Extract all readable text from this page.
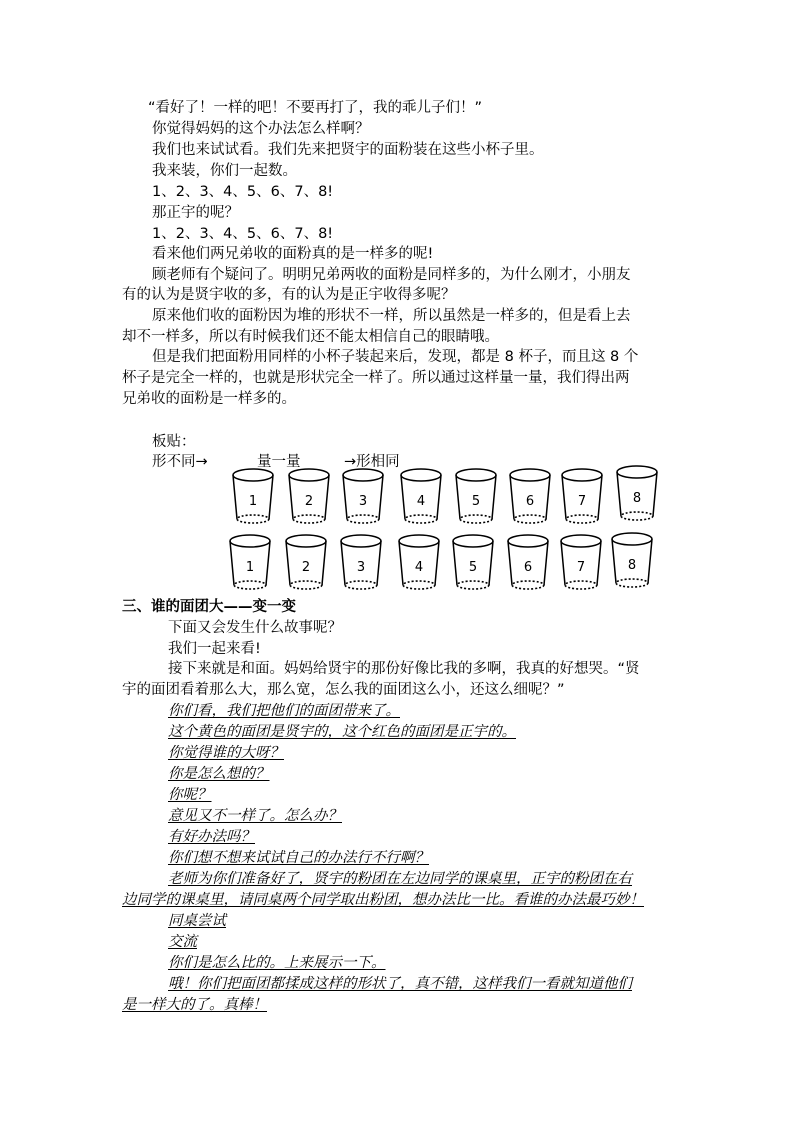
“看好了！一样的吧！不要再打了，我的乖儿子们！”
你觉得妈妈的这个办法怎么样啊？
我们也来试试看。我们先来把贤宇的面粉装在这些小杯子里。
我来装，你们一起数。
1、2、3、4、5、6、7、8!
那正宇的呢？
1、2、3、4、5、6、7、8!
看来他们两兄弟收的面粉真的是一样多的呢!
顾老师有个疑问了。明明兄弟两收的面粉是同样多的，为什么刚才，小朋友
有的认为是贤宇收的多，有的认为是正宇收得多呢？
原来他们收的面粉因为堆的形状不一样，所以虽然是一样多的，但是看上去
却不一样多，所以有时候我们还不能太相信自己的眼睛哦。
但是我们把面粉用同样的小杯子装起来后，发现，都是 8 杯子，而且这 8 个
杯子是完全一样的，也就是形状完全一样了。所以通过这样量一量，我们得出两
兄弟收的面粉是一样多的。
板贴：
形不同→	量一量	→形相同
1	2	3	4	5	6	7	8
1	2	3	4	5	6	7	8
三、谁的面团大——变一变
下面又会发生什么故事呢？
我们一起来看!
接下来就是和面。妈妈给贤宇的那份好像比我的多啊，我真的好想哭。“贤
宇的面团看着那么大，那么宽，怎么我的面团这么小，还这么细呢？”
你们看，我们把他们的面团带来了。
这个黄色的面团是贤宇的，这个红色的面团是正宇的。
你觉得谁的大呀？
你是怎么想的？
你呢？
意见又不一样了。怎么办？
有好办法吗？
你们想不想来试试自己的办法行不行啊？
老师为你们准备好了，贤宇的粉团在左边同学的课桌里，正宇的粉团在右
边同学的课桌里，请同桌两个同学取出粉团，想办法比一比。看谁的办法最巧妙！
同桌尝试
交流
你们是怎么比的。上来展示一下。
哦！你们把面团都揉成这样的形状了，真不错，这样我们一看就知道他们
是一样大的了。真棒！
